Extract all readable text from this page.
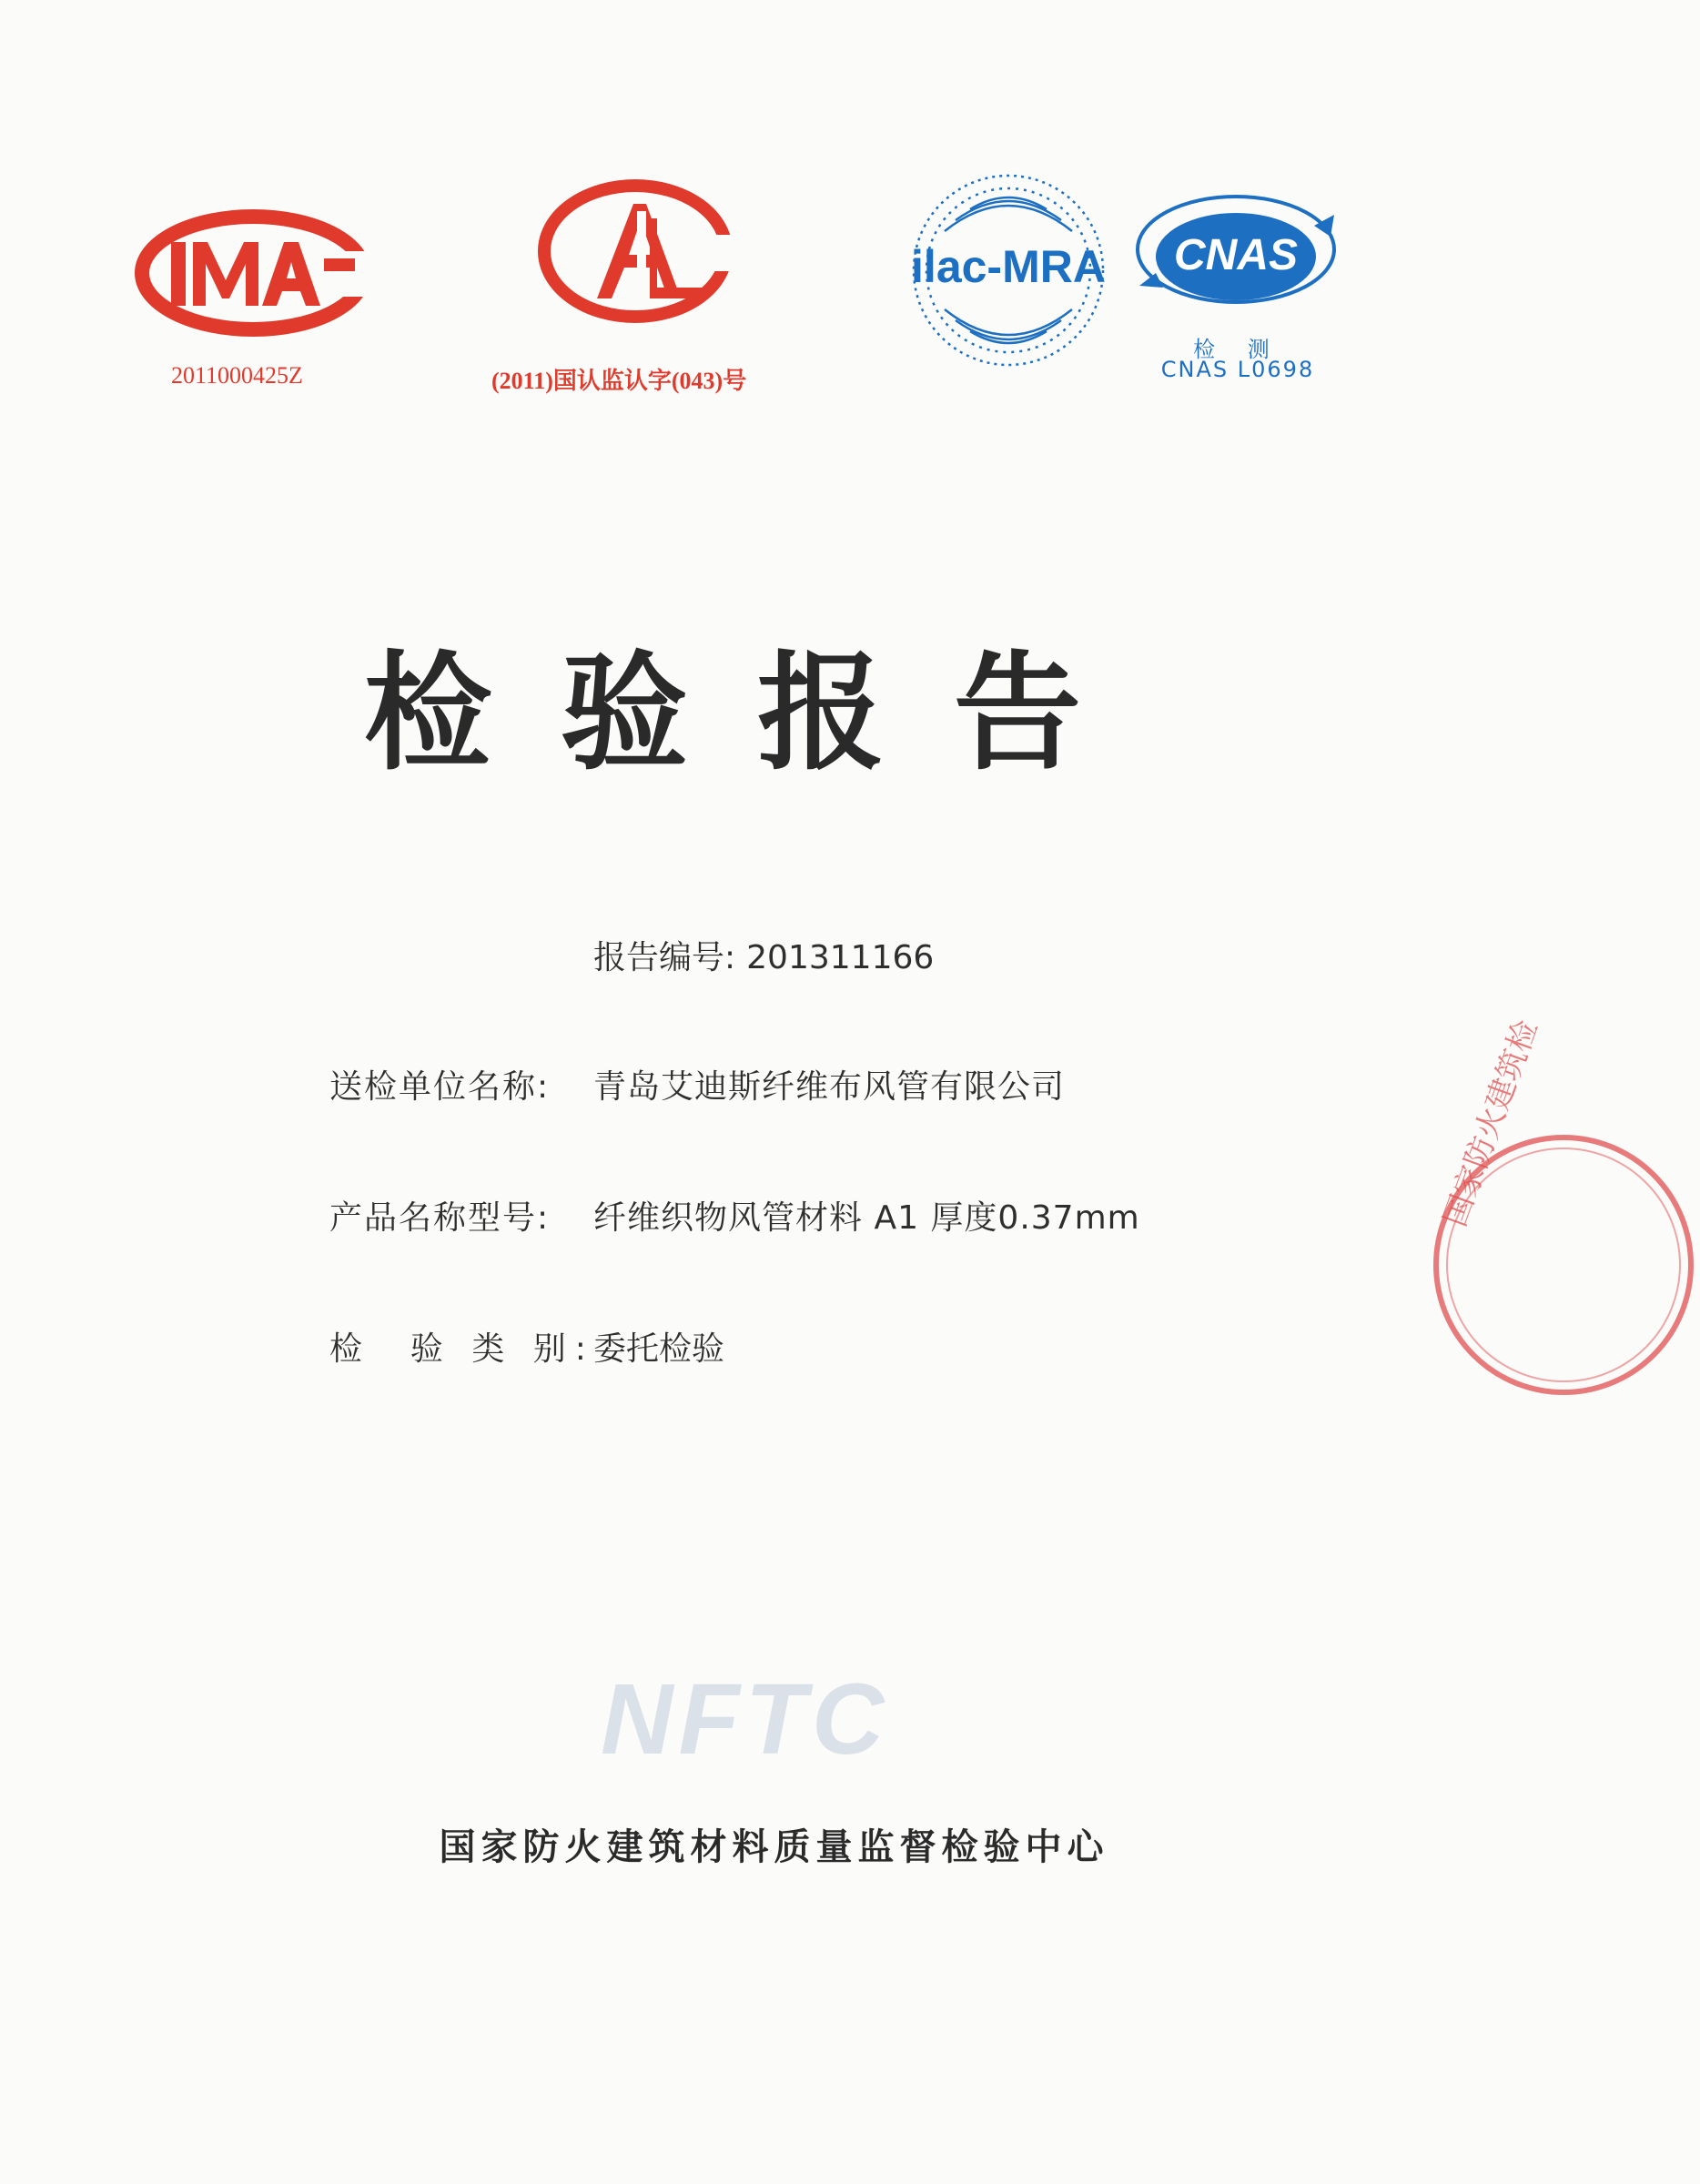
2011000425Z	(2011)国认监认字(043)号
ilac-MRA CNAS
检 测
CNAS L0698
检验报告
报告编号: 201311166
送检单位名称: 青岛艾迪斯纤维布风管有限公司
产品名称型号: 纤维织物风管材料 A1 厚度0.37mm
检  验 类 别:
委托检验
NFTC
国家防火建筑材料质量监督检验中心
国家防火建筑检
